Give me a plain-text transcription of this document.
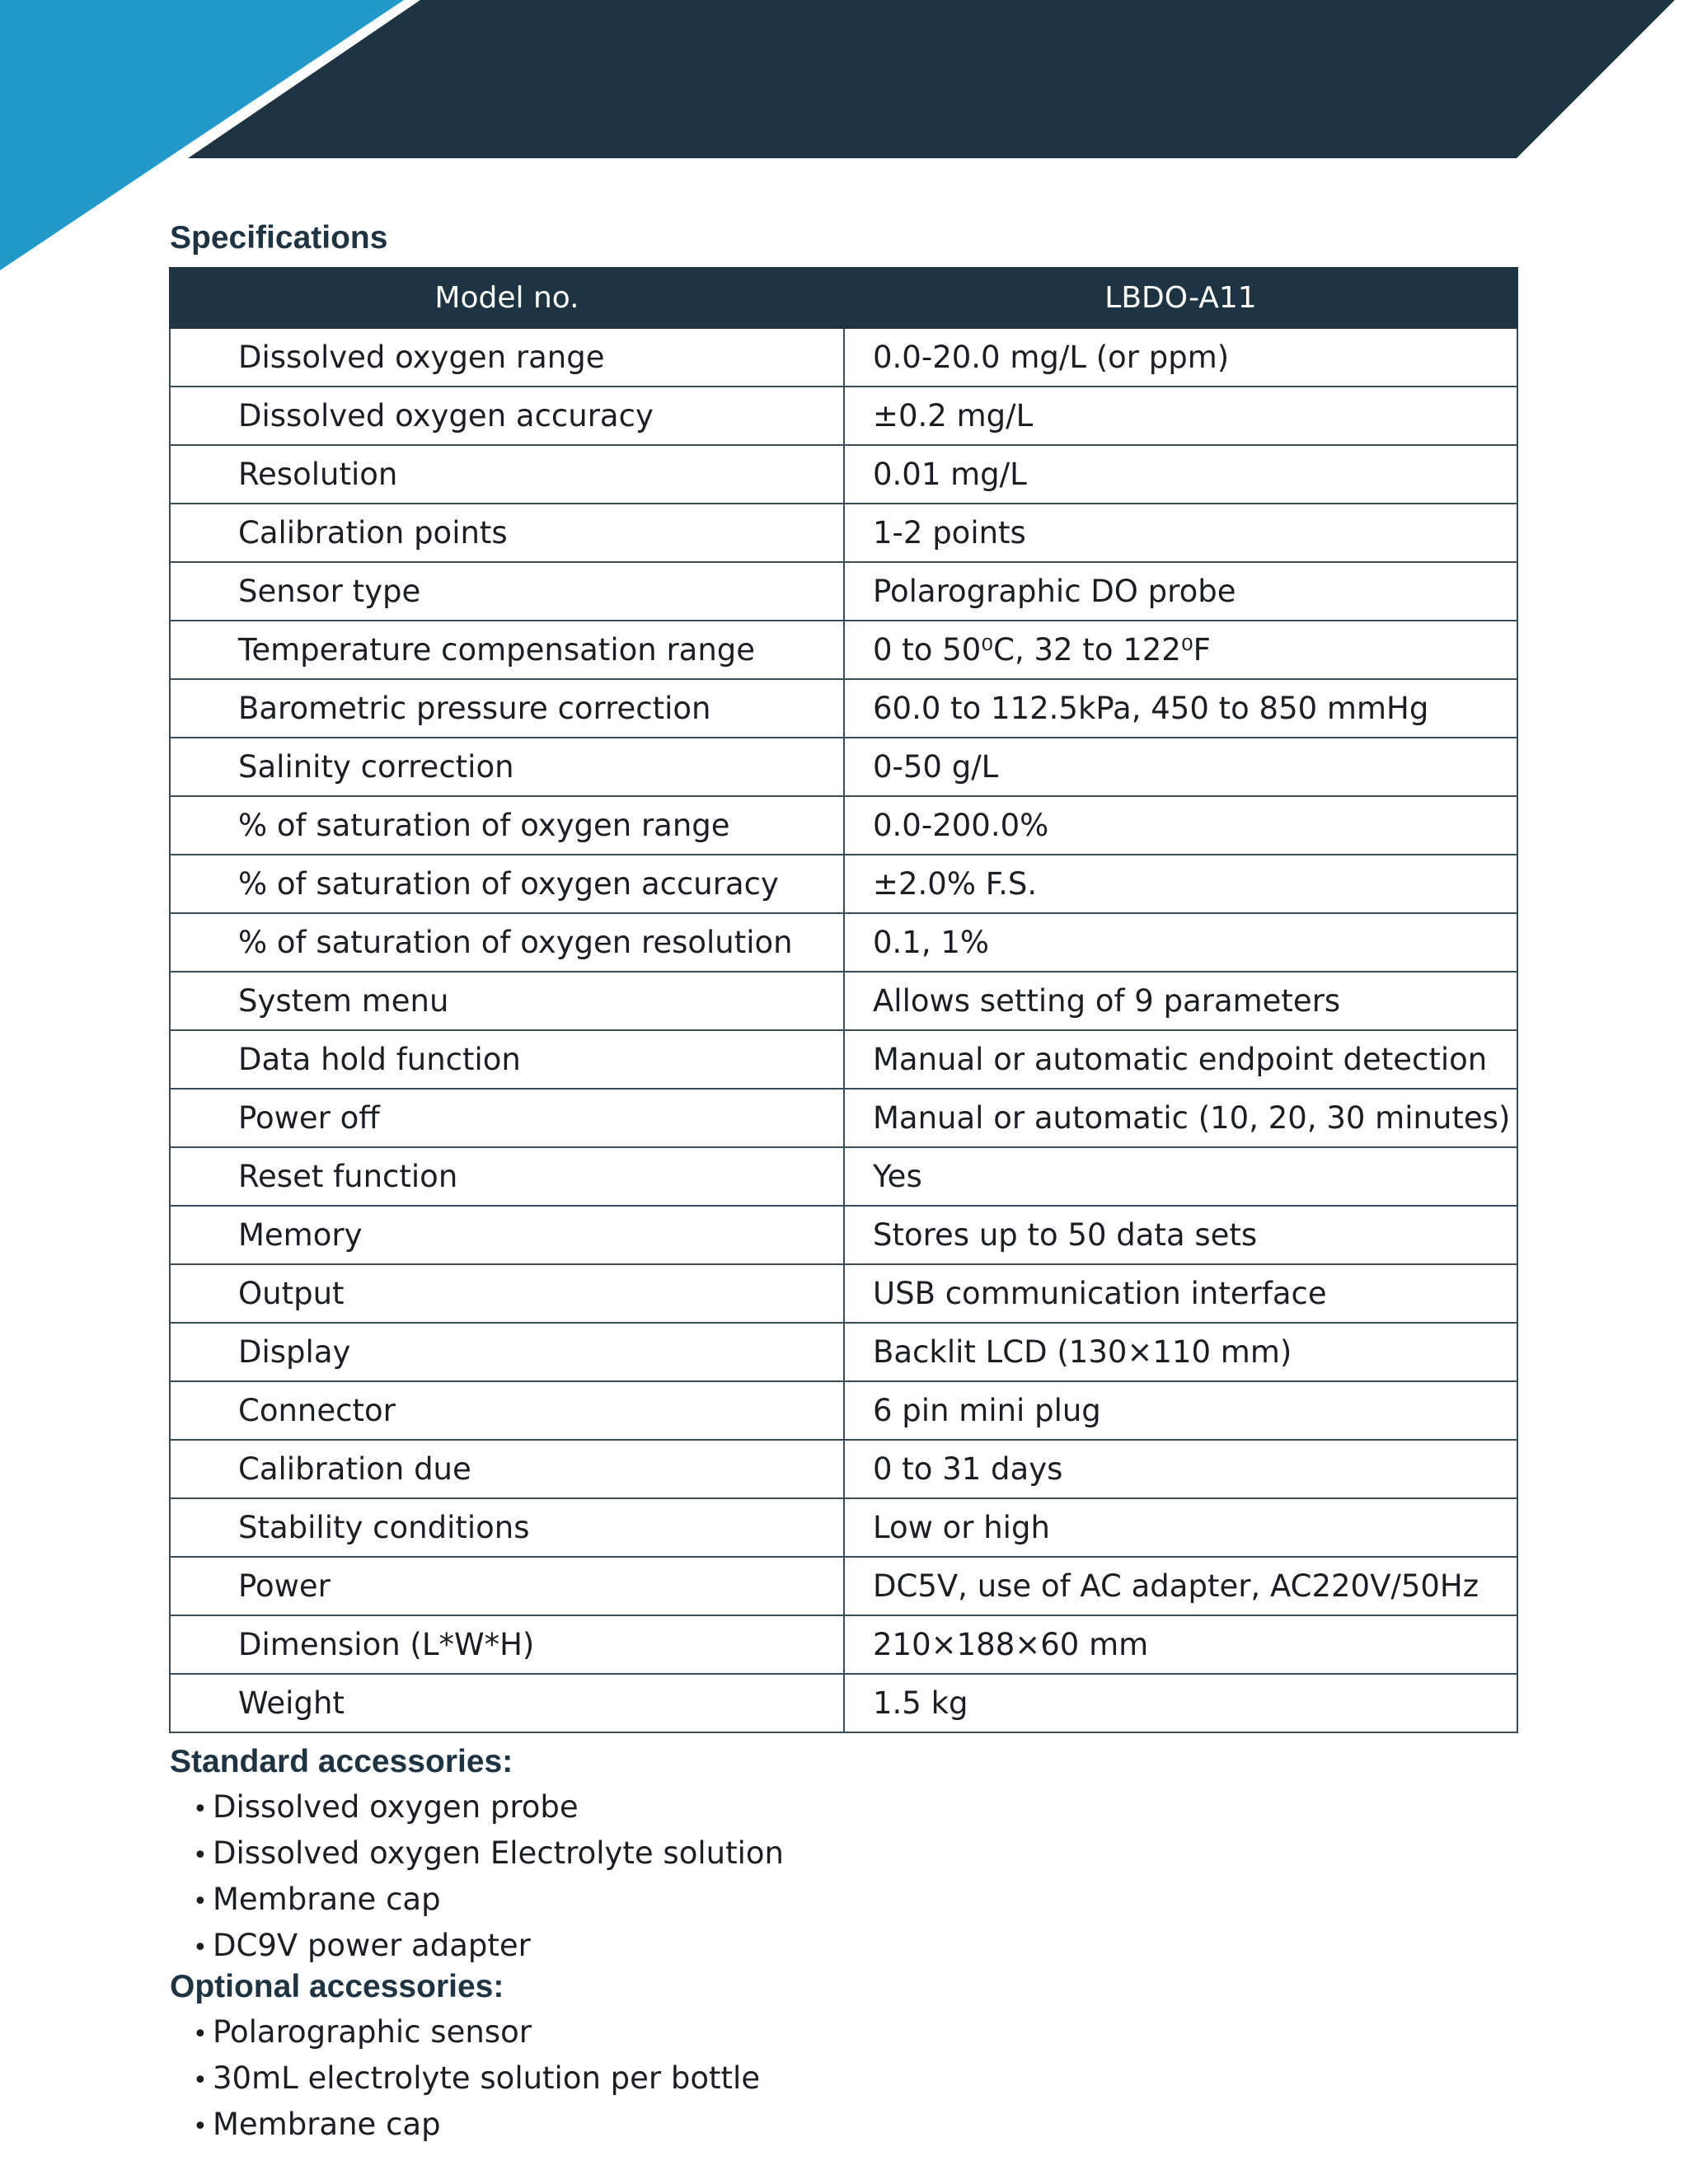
Specifications
Model no.	LBDO-A11
Dissolved oxygen range	0.0-20.0 mg/L (or ppm)
Dissolved oxygen accuracy	±0.2 mg/L
Resolution	0.01 mg/L
Calibration points	1-2 points
Sensor type	Polarographic DO probe
Temperature compensation range	0 to 50⁰C, 32 to 122⁰F
Barometric pressure correction	60.0 to 112.5kPa, 450 to 850 mmHg
Salinity correction	0-50 g/L
% of saturation of oxygen range	0.0-200.0%
% of saturation of oxygen accuracy	±2.0% F.S.
% of saturation of oxygen resolution	0.1, 1%
System menu	Allows setting of 9 parameters
Data hold function	Manual or automatic endpoint detection
Power off	Manual or automatic (10, 20, 30 minutes)
Reset function	Yes
Memory	Stores up to 50 data sets
Output	USB communication interface
Display	Backlit LCD (130×110 mm)
Connector	6 pin mini plug
Calibration due	0 to 31 days
Stability conditions	Low or high
Power	DC5V, use of AC adapter, AC220V/50Hz
Dimension (L*W*H)	210×188×60 mm
Weight	1.5 kg
Standard accessories:
• Dissolved oxygen probe
• Dissolved oxygen Electrolyte solution
• Membrane cap
• DC9V power adapter
Optional accessories:
• Polarographic sensor
• 30mL electrolyte solution per bottle
• Membrane cap
